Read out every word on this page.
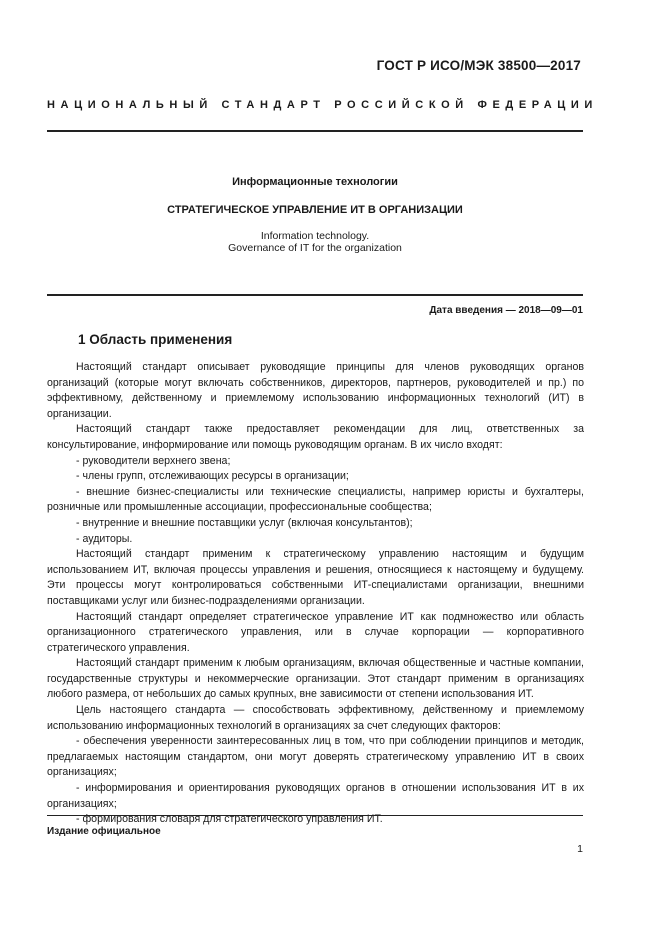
ГОСТ Р ИСО/МЭК 38500—2017
НАЦИОНАЛЬНЫЙ СТАНДАРТ РОССИЙСКОЙ ФЕДЕРАЦИИ
Информационные технологии
СТРАТЕГИЧЕСКОЕ УПРАВЛЕНИЕ ИТ В ОРГАНИЗАЦИИ
Information technology.
Governance of IT for the organization
Дата введения — 2018—09—01
1 Область применения

Настоящий стандарт описывает руководящие принципы для членов руководящих органов организаций (которые могут включать собственников, директоров, партнеров, руководителей и пр.) по эффективному, действенному и приемлемому использованию информационных технологий (ИТ) в организации.

Настоящий стандарт также предоставляет рекомендации для лиц, ответственных за консультирование, информирование или помощь руководящим органам. В их число входят:

- руководители верхнего звена;

- члены групп, отслеживающих ресурсы в организации;

- внешние бизнес-специалисты или технические специалисты, например юристы и бухгалтеры, розничные или промышленные ассоциации, профессиональные сообщества;

- внутренние и внешние поставщики услуг (включая консультантов);

- аудиторы.

Настоящий стандарт применим к стратегическому управлению настоящим и будущим использованием ИТ, включая процессы управления и решения, относящиеся к настоящему и будущему. Эти процессы могут контролироваться собственными ИТ-специалистами организации, внешними поставщиками услуг или бизнес-подразделениями организации.

Настоящий стандарт определяет стратегическое управление ИТ как подмножество или область организационного стратегического управления, или в случае корпорации — корпоративного стратегического управления.

Настоящий стандарт применим к любым организациям, включая общественные и частные компании, государственные структуры и некоммерческие организации. Этот стандарт применим в организациях любого размера, от небольших до самых крупных, вне зависимости от степени использования ИТ.

Цель настоящего стандарта — способствовать эффективному, действенному и приемлемому использованию информационных технологий в организациях за счет следующих факторов:

- обеспечения уверенности заинтересованных лиц в том, что при соблюдении принципов и методик, предлагаемых настоящим стандартом, они могут доверять стратегическому управлению ИТ в своих организациях;

- информирования и ориентирования руководящих органов в отношении использования ИТ в их организациях;

- формирования словаря для стратегического управления ИТ.

Издание официальное
1
